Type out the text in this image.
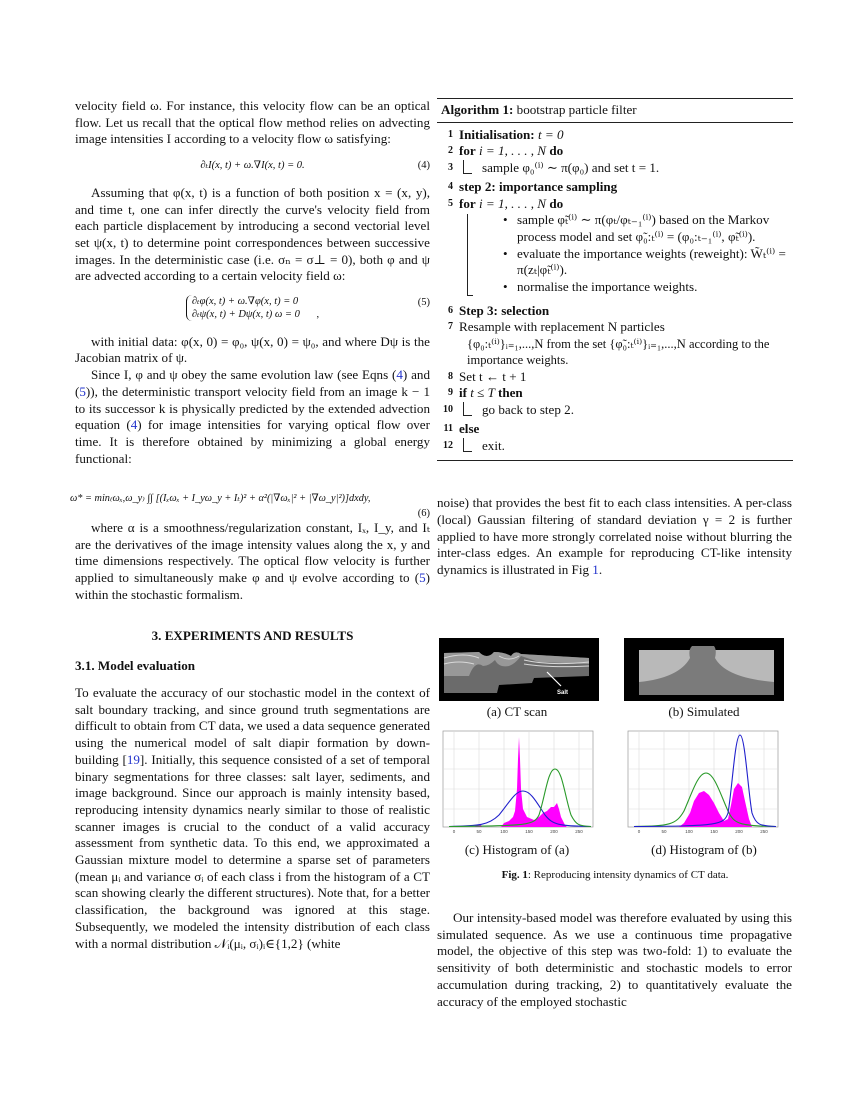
velocity field ω. For instance, this velocity flow can be an optical flow. Let us recall that the optical flow method relies on advecting image intensities I according to a velocity flow ω satisfying:

∂ₜI(x, t) + ω.∇I(x, t) = 0.	(4)

Assuming that φ(x, t) is a function of both position x = (x, y), and time t, one can infer directly the curve's velocity field from each particle displacement by introducing a second vectorial level set ψ(x, t) to determine point correspondences between successive images. In the deterministic case (i.e. σₙ = σ⊥ = 0), both φ and ψ are advected according to a certain velocity field ω:

∂ₜφ(x, t) + ω.∇φ(x, t) = 0
∂ₜψ(x, t) + Dψ(x, t) ω = 0 ,
(5)

with initial data: φ(x, 0) = φ₀, ψ(x, 0) = ψ₀, and where Dψ is the Jacobian matrix of ψ.

Since I, φ and ψ obey the same evolution law (see Eqns (4) and (5)), the deterministic transport velocity field from an image k − 1 to its successor k is physically predicted by the extended advection equation (4) for image intensities for varying optical flow over time. It is therefore obtained by minimizing a global energy functional:

ω* = min₍ωₓ,ω_y₎ ∫∫ [(Iₓωₓ + I_yω_y + Iₜ)² + α²(|∇ωₓ|² + |∇ω_y|²)]dxdy,
(6)

where α is a smoothness/regularization constant, Iₓ, I_y, and Iₜ are the derivatives of the image intensity values along the x, y and time dimensions respectively. The optical flow velocity is further applied to simultaneously make φ and ψ evolve according to (5) within the stochastic formalism.

3. EXPERIMENTS AND RESULTS
3.1. Model evaluation

To evaluate the accuracy of our stochastic model in the context of salt boundary tracking, and since ground truth segmentations are difficult to obtain from CT data, we used a data sequence generated using the numerical model of salt diapir formation by down-building [19]. Initially, this sequence consisted of a set of temporal binary segmentations for three classes: salt layer, sediments, and image background. Since our approach is mainly intensity based, reproducing intensity dynamics nearly similar to those of realistic scanner images is crucial to the conduct of a valid accuracy assessment from synthetic data. To this end, we approximated a Gaussian mixture model to determine a sparse set of parameters (mean μᵢ and variance σᵢ of each class i from the histogram of a CT scan showing clearly the different structures). Note that, for a better classification, the background was ignored at this stage. Subsequently, we modeled the intensity distribution of each class with a normal distribution 𝒩ᵢ(μᵢ, σᵢ)ᵢ∈{1,2} (white

Algorithm 1: bootstrap particle filter
1 Initialisation: t = 0
2 for i = 1, . . . , N do
3 sample φ₀⁽ⁱ⁾ ∼ π(φ₀) and set t = 1.
4 step 2: importance sampling
5 for i = 1, . . . , N do
• sample φ̃ₜ⁽ⁱ⁾ ∼ π(φₜ/φₜ₋₁⁽ⁱ⁾) based on the Markov process model and set φ̃₀:ₜ⁽ⁱ⁾ = (φ₀:ₜ₋₁⁽ⁱ⁾, φ̃ₜ⁽ⁱ⁾).
• evaluate the importance weights (reweight): W̃ₜ⁽ⁱ⁾ = π(zₜ|φ̃ₜ⁽ⁱ⁾).
• normalise the importance weights.
6 Step 3: selection
7 Resample with replacement N particles
{φ₀:ₜ⁽ⁱ⁾}ᵢ₌₁,...,N from the set {φ̃₀:ₜ⁽ⁱ⁾}ᵢ₌₁,...,N according to the importance weights.
8 Set t ← t + 1
9 if t ≤ T then
10 go back to step 2.
11 else
12 exit.

noise) that provides the best fit to each class intensities. A per-class (local) Gaussian filtering of standard deviation γ = 2 is further applied to have more strongly correlated noise without blurring the inter-class edges. An example for reproducing CT-like intensity dynamics is illustrated in Fig 1.

Salt
(a) CT scan	(b) Simulated
0	50	100	150	200	250
(c) Histogram of (a)
0	50	100	150	200	250
(d) Histogram of (b)
Fig. 1: Reproducing intensity dynamics of CT data.

Our intensity-based model was therefore evaluated by using this simulated sequence. As we use a continuous time propagative model, the objective of this step was two-fold: 1) to evaluate the sensitivity of both deterministic and stochastic models to error accumulation during tracking, 2) to quantitatively evaluate the accuracy of the employed stochastic
